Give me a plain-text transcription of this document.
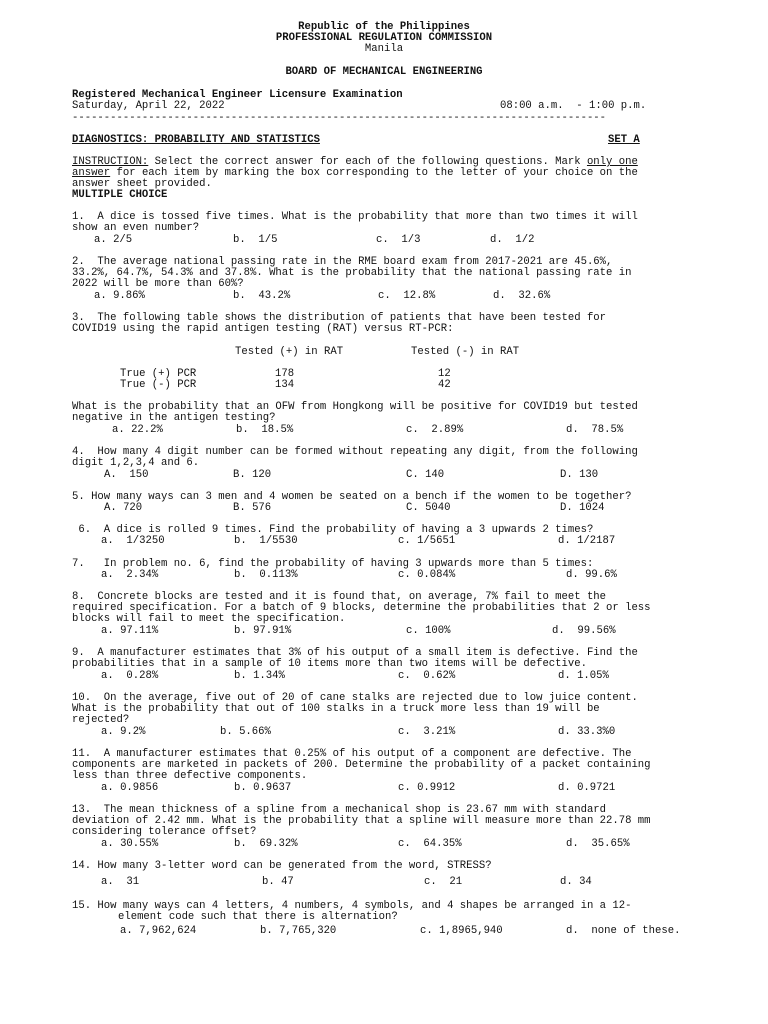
Republic of the Philippines
PROFESSIONAL REGULATION COMMISSION
Manila
BOARD OF MECHANICAL ENGINEERING
Registered Mechanical Engineer Licensure Examination
Saturday, April 22, 2022	08:00 a.m.  - 1:00 p.m.
------------------------------------------------------------------------------------
DIAGNOSTICS: PROBABILITY AND STATISTICS	SET A
INSTRUCTION: Select the correct answer for each of the following questions. Mark only one
answer for each item by marking the box corresponding to the letter of your choice on the
answer sheet provided.
MULTIPLE CHOICE
1.  A dice is tossed five times. What is the probability that more than two times it will
show an even number?
a. 2/5	b.  1/5	c.  1/3	d.  1/2
2.  The average national passing rate in the RME board exam from 2017-2021 are 45.6%,
33.2%, 64.7%, 54.3% and 37.8%. What is the probability that the national passing rate in
2022 will be more than 60%?
a. 9.86%	b.  43.2%	c.  12.8%	d.  32.6%
3.  The following table shows the distribution of patients that have been tested for
COVID19 using the rapid antigen testing (RAT) versus RT-PCR:
Tested (+) in RAT	Tested (-) in RAT
True (+) PCR	178	12
True (-) PCR	134	42
What is the probability that an OFW from Hongkong will be positive for COVID19 but tested
negative in the antigen testing?
a. 22.2%	b.  18.5%	c.  2.89%	d.  78.5%
4.  How many 4 digit number can be formed without repeating any digit, from the following
digit 1,2,3,4 and 6.
A.  150	B. 120	C. 140	D. 130
5. How many ways can 3 men and 4 women be seated on a bench if the women to be together?
A. 720	B. 576	C. 5040	D. 1024
6.  A dice is rolled 9 times. Find the probability of having a 3 upwards 2 times?
a.  1/3250	b.  1/5530	c. 1/5651	d. 1/2187
7.   In problem no. 6, find the probability of having 3 upwards more than 5 times:
a.  2.34%	b.  0.113%	c. 0.084%	d. 99.6%
8.  Concrete blocks are tested and it is found that, on average, 7% fail to meet the
required specification. For a batch of 9 blocks, determine the probabilities that 2 or less
blocks will fail to meet the specification.
a. 97.11%	b. 97.91%	c. 100%	d.  99.56%
9.  A manufacturer estimates that 3% of his output of a small item is defective. Find the
probabilities that in a sample of 10 items more than two items will be defective.
a.  0.28%	b. 1.34%	c.  0.62%	d. 1.05%
10.  On the average, five out of 20 of cane stalks are rejected due to low juice content.
What is the probability that out of 100 stalks in a truck more less than 19 will be
rejected?
a. 9.2%	b. 5.66%	c.  3.21%	d. 33.3%0
11.  A manufacturer estimates that 0.25% of his output of a component are defective. The
components are marketed in packets of 200. Determine the probability of a packet containing
less than three defective components.
a. 0.9856	b. 0.9637	c. 0.9912	d. 0.9721
13.  The mean thickness of a spline from a mechanical shop is 23.67 mm with standard
deviation of 2.42 mm. What is the probability that a spline will measure more than 22.78 mm
considering tolerance offset?
a. 30.55%	b.  69.32%	c.  64.35%	d.  35.65%
14. How many 3-letter word can be generated from the word, STRESS?
a.  31	b. 47	c.  21	d. 34
15. How many ways can 4 letters, 4 numbers, 4 symbols, and 4 shapes be arranged in a 12-
element code such that there is alternation?
a. 7,962,624	b. 7,765,320	c. 1,8965,940	d.  none of these.
